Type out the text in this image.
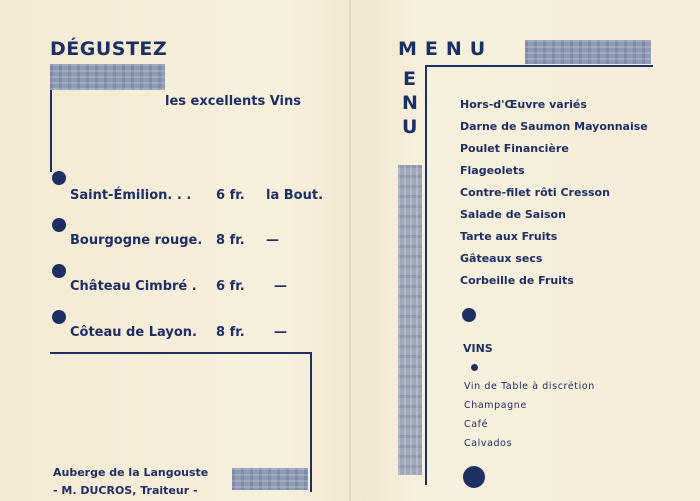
DÉGUSTEZ
les excellents Vins
Saint-Émilion. . . 6 fr. la Bout.
Bourgogne rouge. 8 fr. —
Château Cimbré . 6 fr. —
Côteau de Layon. 8 fr. —
Auberge de la Langouste
- M. DUCROS, Traiteur -
MENU
E
N
U
Hors-d'Œuvre variés
Darne de Saumon Mayonnaise
Poulet Financière
Flageolets
Contre-filet rôti Cresson
Salade de Saison
Tarte aux Fruits
Gâteaux secs
Corbeille de Fruits
VINS
Vin de Table à discrétion
Champagne
Café
Calvados
